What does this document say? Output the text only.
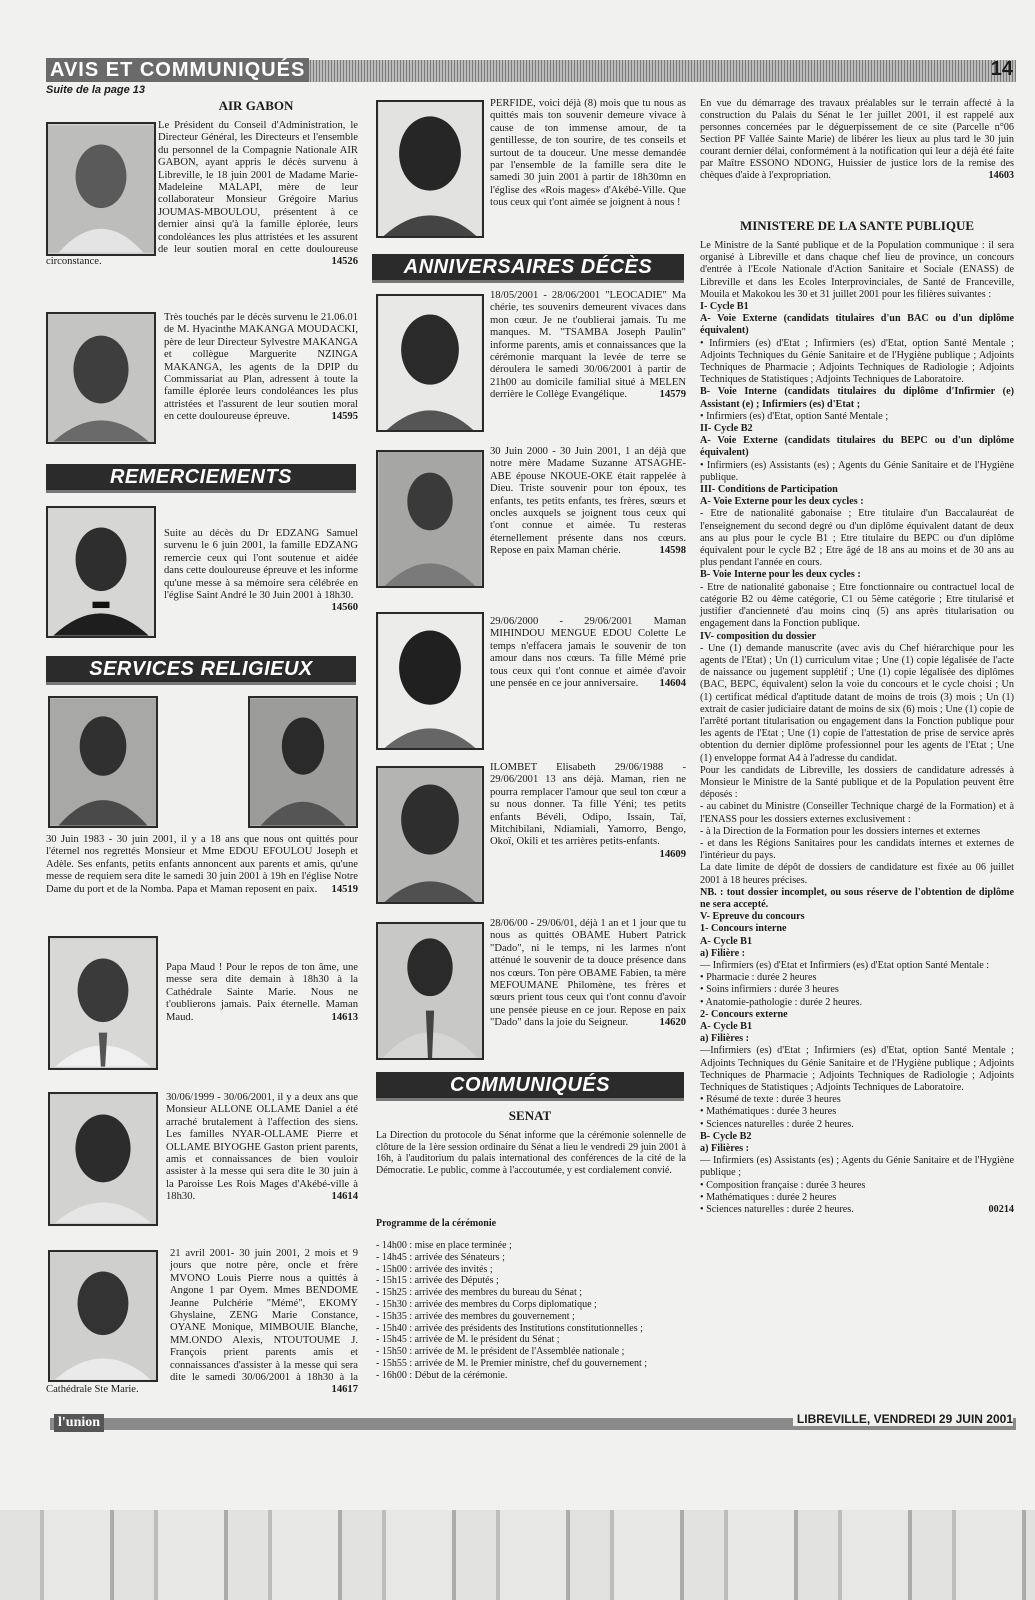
AVIS ET COMMUNIQUÉS	14
Suite de la page 13
AIR GABON
Le Président du Conseil d'Administration, le Directeur Général, les Directeurs et l'ensemble du personnel de la Compagnie Nationale AIR GABON, ayant appris le décès survenu à Libreville, le 18 juin 2001 de Madame Marie-Madeleine MALAPI, mère de leur collaborateur Monsieur Grégoire Marius JOUMAS-MBOULOU, présentent à ce dernier ainsi qu'à la famille éplorée, leurs condoléances les plus attristées et les assurent de leur soutien moral en cette douloureuse circonstance.	14526
Très touchés par le décès survenu le 21.06.01 de M. Hyacinthe MAKANGA MOUDACKI, père de leur Directeur Sylvestre MAKANGA et collègue Marguerite NZINGA MAKANGA, les agents de la DPIP du Commissariat au Plan, adressent à toute la famille éplorée leurs condoléances les plus attristées et l'assurent de leur soutien moral en cette douloureuse épreuve.	14595
REMERCIEMENTS
Suite au décès du Dr EDZANG Samuel survenu le 6 juin 2001, la famille EDZANG remercie ceux qui l'ont soutenue et aidée dans cette douloureuse épreuve et les informe qu'une messe à sa mémoire sera célébrée en l'église Saint André le 30 Juin 2001 à 18h30.
14560
SERVICES RELIGIEUX
30 Juin 1983 - 30 juin 2001, il y a 18 ans que nous ont quittés pour l'éternel nos regrettés Monsieur et Mme EDOU EFOULOU Joseph et Adèle. Ses enfants, petits enfants annoncent aux parents et amis, qu'une messe de requiem sera dite le samedi 30 juin 2001 à 19h en l'église Notre Dame du port et de la Nomba. Papa et Maman reposent en paix. 14519
Papa Maud ! Pour le repos de ton âme, une messe sera dite demain à 18h30 à la Cathédrale Sainte Marie. Nous ne t'oublierons jamais. Paix éternelle. Maman Maud.	14613
30/06/1999 - 30/06/2001, il y a deux ans que Monsieur ALLONE OLLAME Daniel a été arraché brutalement à l'affection des siens. Les familles NYAR-OLLAME Pierre et OLLAME BIYOGHE Gaston prient parents, amis et connaissances de bien vouloir assister à la messe qui sera dite le 30 juin à la Paroisse Les Rois Mages d'Akébé-ville à 18h30.	14614
21 avril 2001- 30 juin 2001, 2 mois et 9 jours que notre père, oncle et frère MVONO Louis Pierre nous a quittés à Angone 1 par Oyem. Mmes BENDOME Jeanne Pulchérie "Mémé", EKOMY Ghyslaine, ZENG Marie Constance, OYANE Monique, MIMBOUIE Blanche, MM.ONDO Alexis, NTOUTOUME J. François prient parents amis et connaissances d'assister à la messe qui sera dite le samedi 30/06/2001 à 18h30 à la Cathédrale Ste Marie.	14617
PERFIDE, voici déjà (8) mois que tu nous as quittés mais ton souvenir demeure vivace à cause de ton immense amour, de ta gentillesse, de ton sourire, de tes conseils et surtout de ta douceur. Une messe demandée par l'ensemble de la famille sera dite le samedi 30 juin 2001 à partir de 18h30mn en l'église des «Rois mages» d'Akébé-Ville. Que tous ceux qui t'ont aimée se joignent à nous !
ANNIVERSAIRES DÉCÈS
18/05/2001 - 28/06/2001 "LEOCADIE" Ma chérie, tes souvenirs demeurent vivaces dans mon cœur. Je ne t'oublierai jamais. Tu me manques. M. "TSAMBA Joseph Paulin" informe parents, amis et connaissances que la cérémonie marquant la levée de terre se déroulera le samedi 30/06/2001 à partir de 21h00 au domicile familial situé à MELEN derrière le Collège Evangélique.	14579
30 Juin 2000 - 30 Juin 2001, 1 an déjà que notre mère Madame Suzanne ATSAGHE-ABE épouse NKOUE-OKE était rappelée à Dieu. Triste souvenir pour ton époux, tes enfants, tes petits enfants, tes frères, sœurs et oncles auxquels se joignent tous ceux qui t'ont connue et aimée. Tu resteras éternellement présente dans nos cœurs. Repose en paix Maman chérie.	14598
29/06/2000 - 29/06/2001 Maman MIHINDOU MENGUE EDOU Colette Le temps n'effacera jamais le souvenir de ton amour dans nos cœurs. Ta fille Mémé prie tous ceux qui t'ont connue et aimée d'avoir une pensée en ce jour anniversaire. 14604
ILOMBET Elisabeth 29/06/1988 - 29/06/2001 13 ans déjà. Maman, rien ne pourra remplacer l'amour que seul ton cœur a su nous donner. Ta fille Yéni; tes petits enfants Bévéli, Odipo, Issain, Taï, Mitchibilani, Ndiamiali, Yamorro, Bengo, Okoï, Okili et tes arrières petits-enfants.
14609
28/06/00 - 29/06/01, déjà 1 an et 1 jour que tu nous as quittés OBAME Hubert Patrick "Dado", ni le temps, ni les larmes n'ont atténué le souvenir de ta douce présence dans nos cœurs. Ton père OBAME Fabien, ta mère MEFOUMANE Philomène, tes frères et sœurs prient tous ceux qui t'ont connu d'avoir une pensée pieuse en ce jour. Repose en paix "Dado" dans la joie du Seigneur.	14620
COMMUNIQUÉS
SENAT
La Direction du protocole du Sénat informe que la cérémonie solennelle de clôture de la 1ère session ordinaire du Sénat a lieu le vendredi 29 juin 2001 à 16h, à l'auditorium du palais international des conférences de la cité de la Démocratie. Le public, comme à l'accoutumée, y est cordialement convié.
Programme de la cérémonie
- 14h00 : mise en place terminée ;
- 14h45 : arrivée des Sénateurs ;
- 15h00 : arrivée des invités ;
- 15h15 : arrivée des Députés ;
- 15h25 : arrivée des membres du bureau du Sénat ;
- 15h30 : arrivée des membres du Corps diplomatique ;
- 15h35 : arrivée des membres du gouvernement ;
- 15h40 : arrivée des présidents des Institutions constitutionnelles ;
- 15h45 : arrivée de M. le président du Sénat ;
- 15h50 : arrivée de M. le président de l'Assemblée nationale ;
- 15h55 : arrivée de M. le Premier ministre, chef du gouvernement ;
- 16h00 : Début de la cérémonie.
En vue du démarrage des travaux préalables sur le terrain affecté à la construction du Palais du Sénat le 1er juillet 2001, il est rappelé aux personnes concernées par le déguerpissement de ce site (Parcelle n°06 Section PF Vallée Sainte Marie) de libérer les lieux au plus tard le 30 juin courant dernier délai, conformément à la notification qui leur a déjà été faite par Maître ESSONO NDONG, Huissier de justice lors de la remise des chèques d'aide à l'expropriation.	14603
MINISTERE DE LA SANTE PUBLIQUE

Le Ministre de la Santé publique et de la Population communique : il sera organisé à Libreville et dans chaque chef lieu de province, un concours d'entrée à l'Ecole Nationale d'Action Sanitaire et Sociale (ENASS) de Libreville et dans les Ecoles Interprovinciales, de Santé de Franceville, Mouila et Makokou les 30 et 31 juillet 2001 pour les filières suivantes :

I- Cycle B1

A- Voie Externe (candidats titulaires d'un BAC ou d'un diplôme équivalent)

• Infirmiers (es) d'Etat ; Infirmiers (es) d'Etat, option Santé Mentale ; Adjoints Techniques du Génie Sanitaire et de l'Hygiène publique ; Adjoints Techniques de Pharmacie ; Adjoints Techniques de Radiologie ; Adjoints Techniques de Statistiques ; Adjoints Techniques de Laboratoire.

B- Voie Interne (candidats titulaires du diplôme d'Infirmier (e) Assistant (e) ; Infirmiers (es) d'Etat ;

• Infirmiers (es) d'Etat, option Santé Mentale ;

II- Cycle B2

A- Voie Externe (candidats titulaires du BEPC ou d'un diplôme équivalent)

• Infirmiers (es) Assistants (es) ; Agents du Génie Sanitaire et de l'Hygiène publique.

III- Conditions de Participation

A- Voie Externe pour les deux cycles :

- Etre de nationalité gabonaise ; Etre titulaire d'un Baccalauréat de l'enseignement du second degré ou d'un diplôme équivalent datant de deux ans au plus pour le cycle B1 ; Etre titulaire du BEPC ou d'un diplôme équivalent pour le cycle B2 ; Etre âgé de 18 ans au moins et de 30 ans au plus pendant l'année en cours.

B- Voie Interne pour les deux cycles :

- Etre de nationalité gabonaise ; Etre fonctionnaire ou contractuel local de catégorie B2 ou 4ème catégorie, C1 ou 5ème catégorie ; Etre titularisé et justifier d'ancienneté d'au moins cinq (5) ans après titularisation ou engagement dans la Fonction publique.

IV- composition du dossier

- Une (1) demande manuscrite (avec avis du Chef hiérarchique pour les agents de l'Etat) ; Un (1) curriculum vitae ; Une (1) copie légalisée de l'acte de naissance ou jugement supplétif ; Une (1) copie légalisée des diplômes (BAC, BEPC, équivalent) selon la voie du concours et le cycle choisi ; Un (1) certificat médical d'aptitude datant de moins de trois (3) mois ; Un (1) extrait de casier judiciaire datant de moins de six (6) mois ; Une (1) copie de l'arrêté portant titularisation ou engagement dans la Fonction publique pour les agents de l'Etat ; Une (1) copie de l'attestation de prise de service après obtention du dernier diplôme professionnel pour les agents de l'Etat ; Une (1) enveloppe format A4 à l'adresse du candidat.

Pour les candidats de Libreville, les dossiers de candidature adressés à Monsieur le Ministre de la Santé publique et de la Population peuvent être déposés :

- au cabinet du Ministre (Conseiller Technique chargé de la Formation) et à l'ENASS pour les dossiers externes exclusivement :

- à la Direction de la Formation pour les dossiers internes et externes

- et dans les Régions Sanitaires pour les candidats internes et externes de l'intérieur du pays.

La date limite de dépôt de dossiers de candidature est fixée au 06 juillet 2001 à 18 heures précises.

NB. : tout dossier incomplet, ou sous réserve de l'obtention de diplôme ne sera accepté.

V- Epreuve du concours

1- Concours interne

A- Cycle B1

a) Filière :

— Infirmiers (es) d'Etat et Infirmiers (es) d'Etat option Santé Mentale :

• Pharmacie : durée 2 heures

• Soins infirmiers : durée 3 heures

• Anatomie-pathologie : durée 2 heures.

2- Concours externe

A- Cycle B1

a) Filières :

—Infirmiers (es) d'Etat ; Infirmiers (es) d'Etat, option Santé Mentale ; Adjoints Techniques du Génie Sanitaire et de l'Hygiène publique ; Adjoints Techniques de Pharmacie ; Adjoints Techniques de Radiologie ; Adjoints Techniques de Statistiques ; Adjoints Techniques de Laboratoire.

• Résumé de texte : durée 3 heures

• Mathématiques : durée 3 heures

• Sciences naturelles : durée 2 heures.

B- Cycle B2

a) Filières :

— Infirmiers (es) Assistants (es) ; Agents du Génie Sanitaire et de l'Hygiène publique ;

• Composition française : durée 3 heures

• Mathématiques : durée 2 heures

• Sciences naturelles : durée 2 heures.	00214

l'union	LIBREVILLE, VENDREDI 29 JUIN 2001
